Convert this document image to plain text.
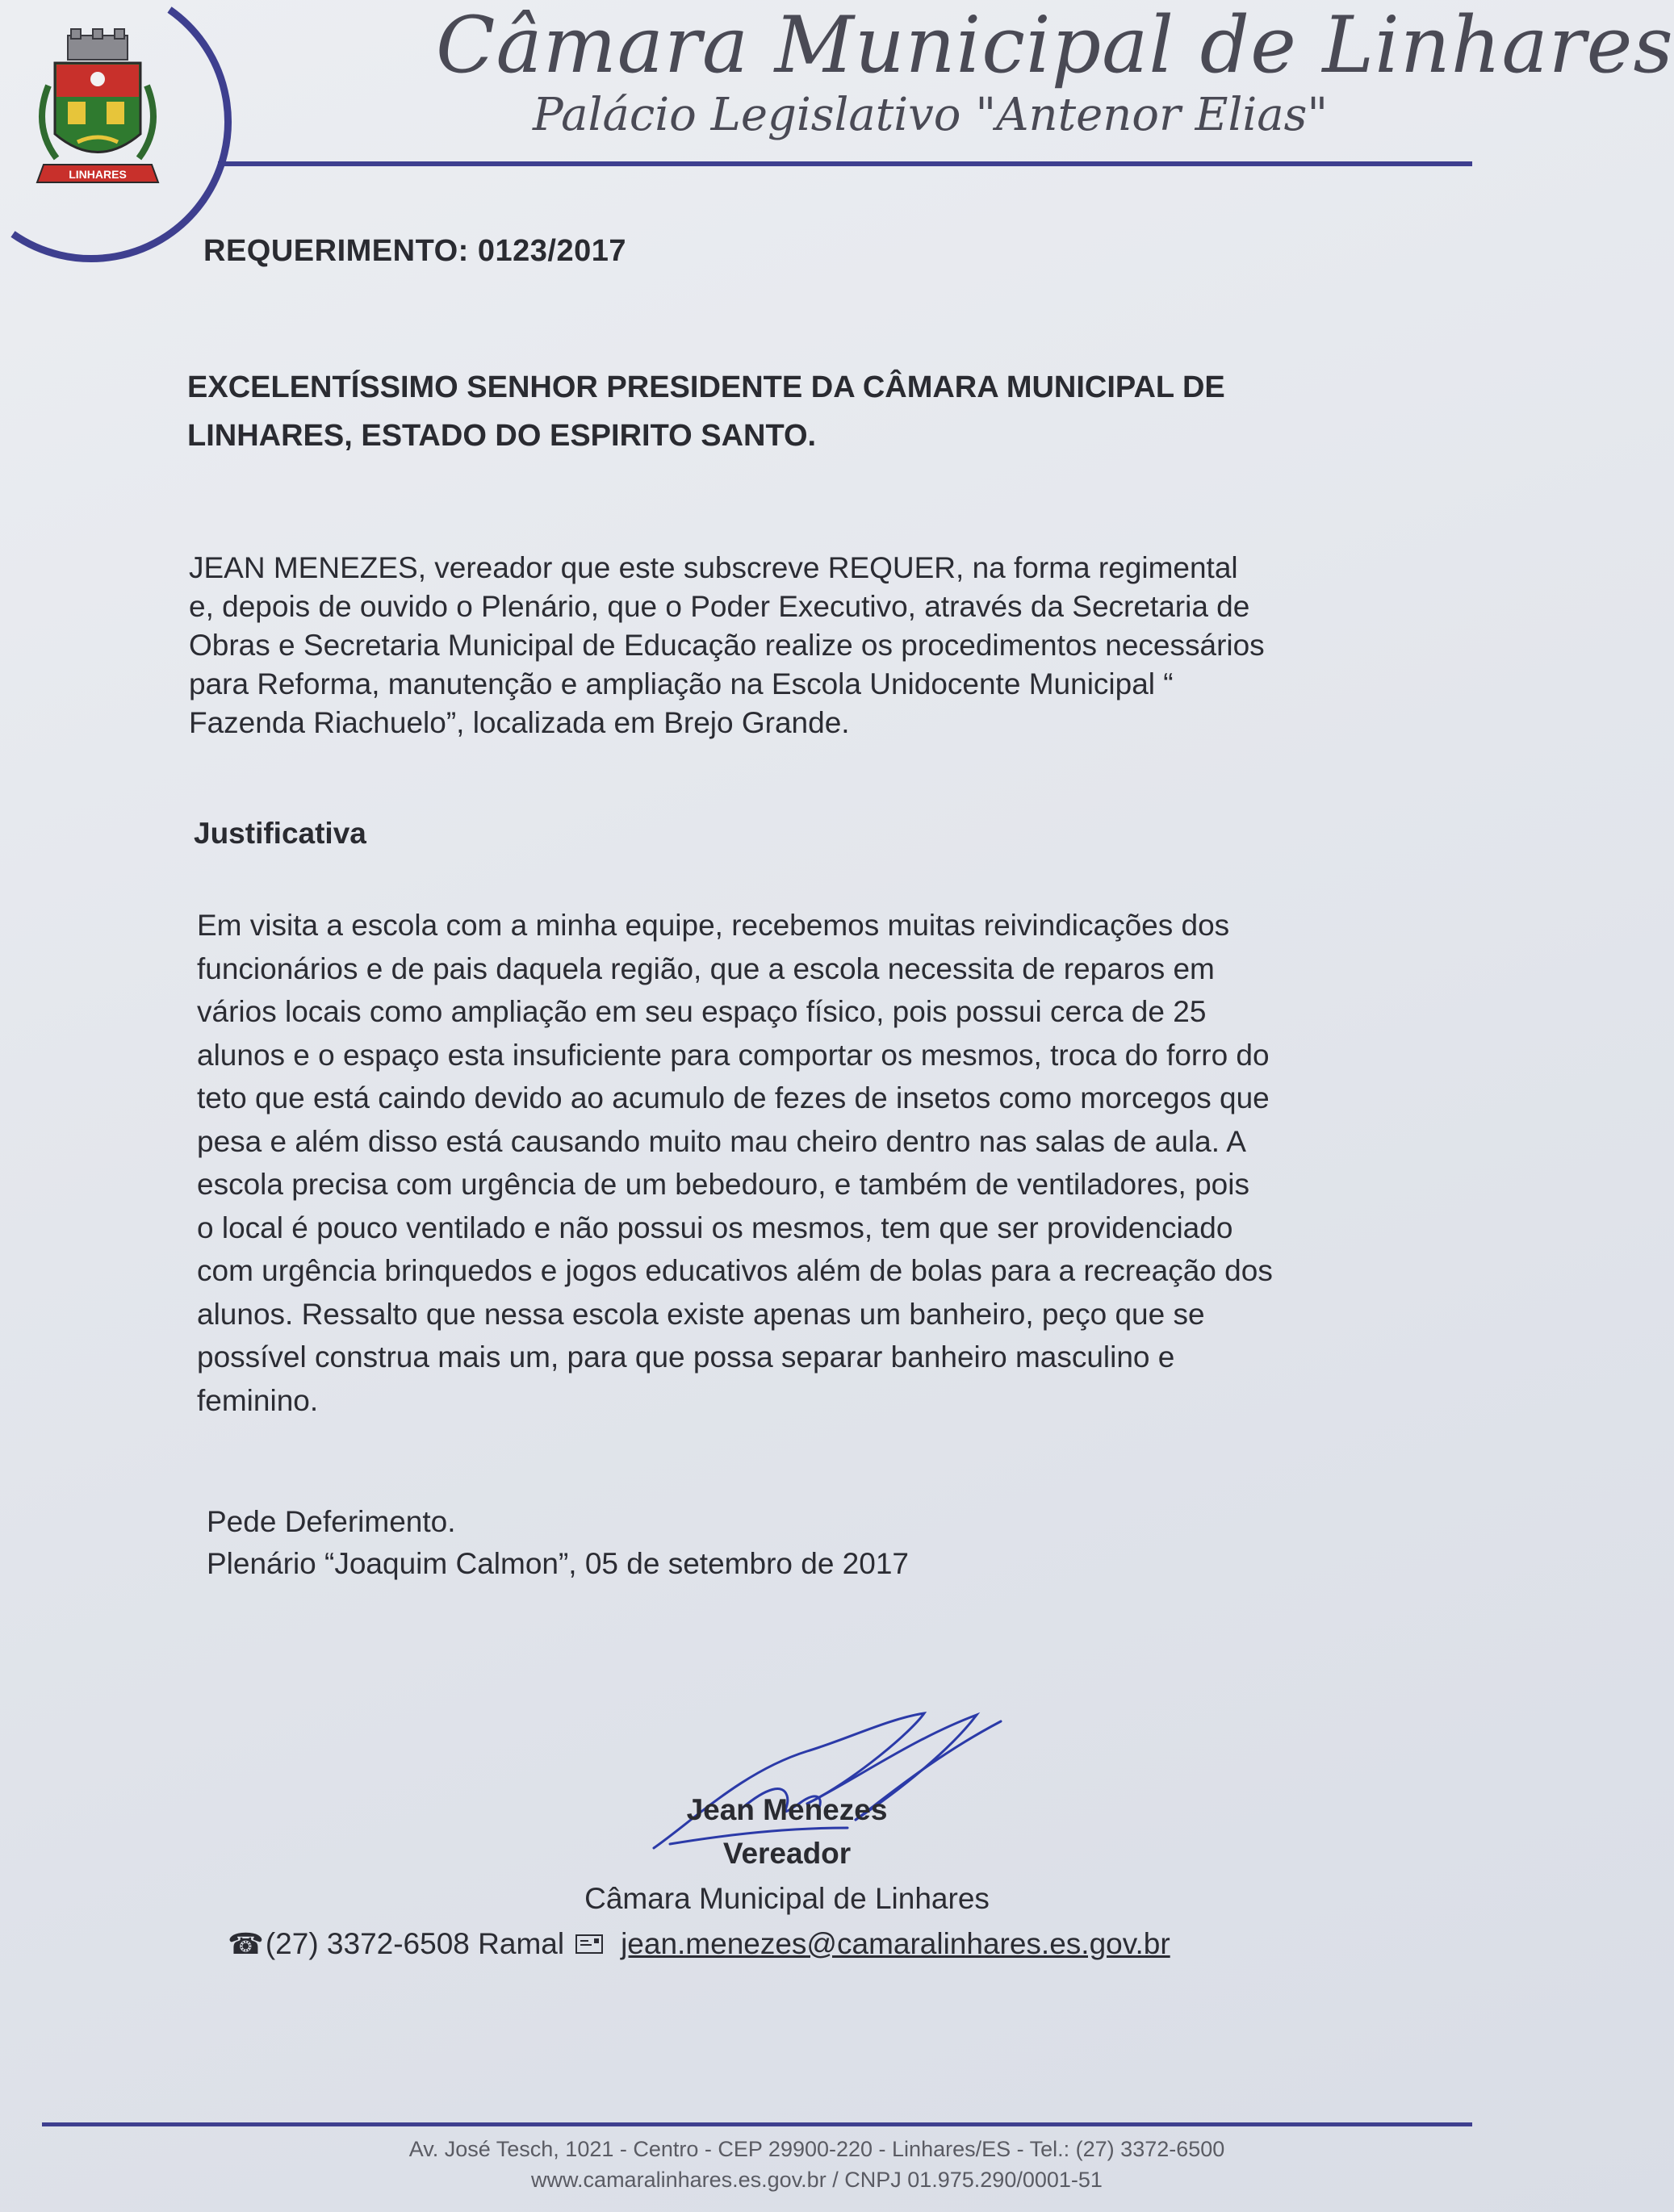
LINHARES
Câmara Municipal de Linhares
Palácio Legislativo "Antenor Elias"
REQUERIMENTO: 0123/2017
EXCELENTÍSSIMO SENHOR PRESIDENTE DA CÂMARA MUNICIPAL DE
LINHARES, ESTADO DO ESPIRITO SANTO.
JEAN MENEZES, vereador que este subscreve REQUER, na forma regimental
e, depois de ouvido o Plenário, que o Poder Executivo, através da Secretaria de
Obras e Secretaria Municipal de Educação realize os procedimentos necessários
para Reforma, manutenção e ampliação na Escola Unidocente Municipal “
Fazenda Riachuelo”, localizada em Brejo Grande.
Justificativa
Em visita a escola com a minha equipe, recebemos muitas reivindicações dos
funcionários e de pais daquela região, que a escola necessita de reparos em
vários locais como ampliação em seu espaço físico, pois possui cerca de 25
alunos e o espaço esta insuficiente para comportar os mesmos, troca do forro do
teto que está caindo devido ao acumulo de fezes de insetos como morcegos que
pesa e além disso está causando muito mau cheiro dentro nas salas de aula. A
escola precisa com urgência de um bebedouro, e também de ventiladores, pois
o local é pouco ventilado e não possui os mesmos, tem que ser providenciado
com urgência brinquedos e jogos educativos além de bolas para a recreação dos
alunos. Ressalto que nessa escola existe apenas um banheiro, peço que se
possível construa mais um, para que possa separar banheiro masculino e
feminino.
Pede Deferimento.
Plenário “Joaquim Calmon”, 05 de setembro de 2017
Jean Menezes
Vereador
Câmara Municipal de Linhares
☎ (27) 3372-6508 Ramal jean.menezes@camaralinhares.es.gov.br
Av. José Tesch, 1021 - Centro - CEP 29900-220 - Linhares/ES - Tel.: (27) 3372-6500
www.camaralinhares.es.gov.br / CNPJ 01.975.290/0001-51
